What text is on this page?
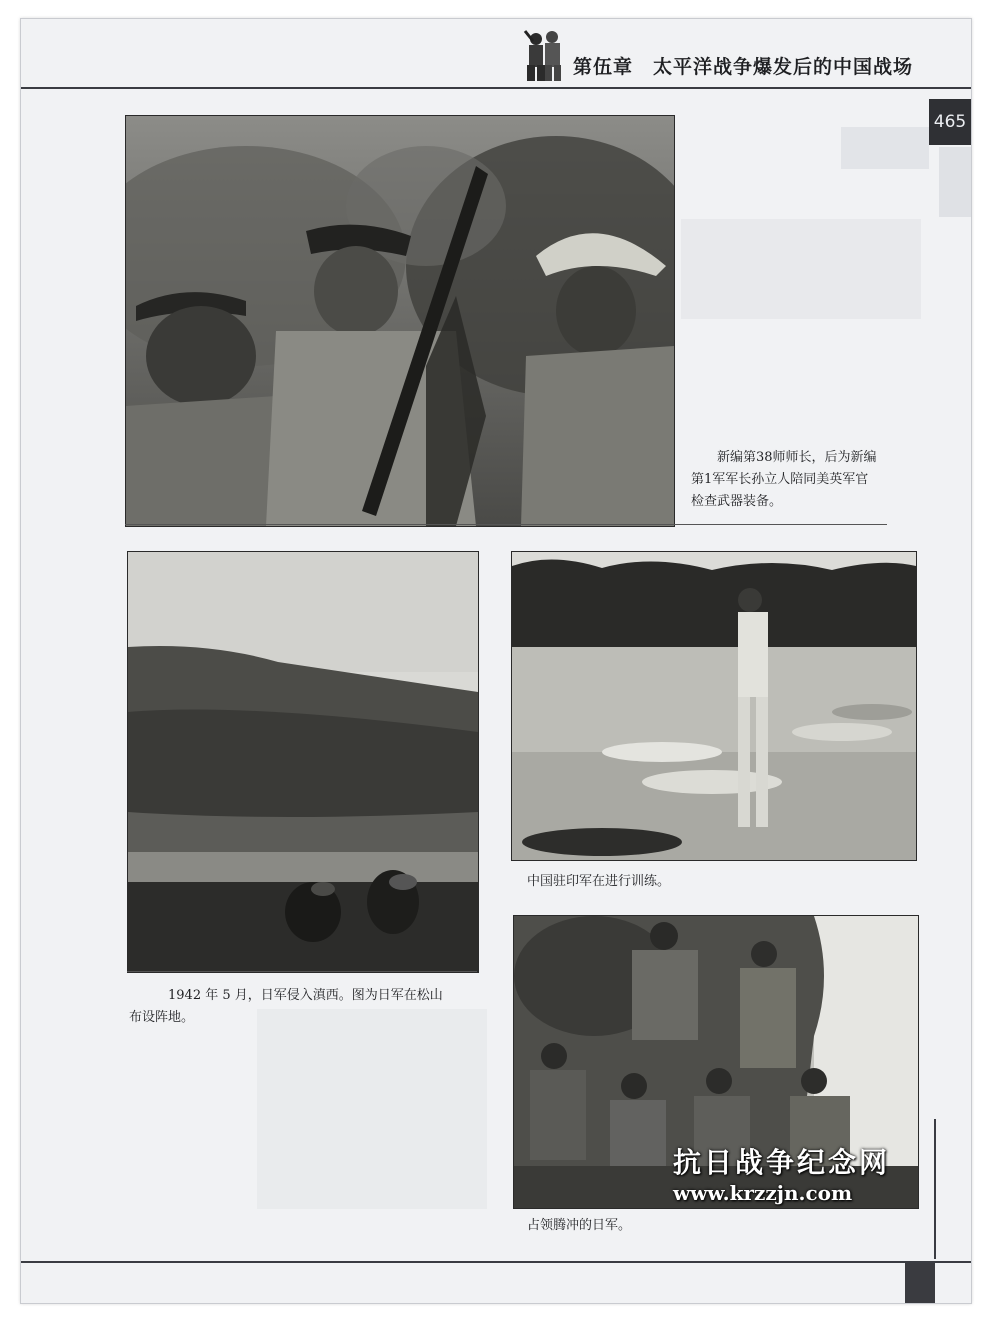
第伍章 太平洋战争爆发后的中国战场
465
新编第38师师长，后为新编
第1军军长孙立人陪同美英军官
检查武器装备。
1942 年 5 月，日军侵入滇西。图为日军在松山
布设阵地。
中国驻印军在进行训练。
占领腾冲的日军。
抗日战争纪念网
www.krzzjn.com
